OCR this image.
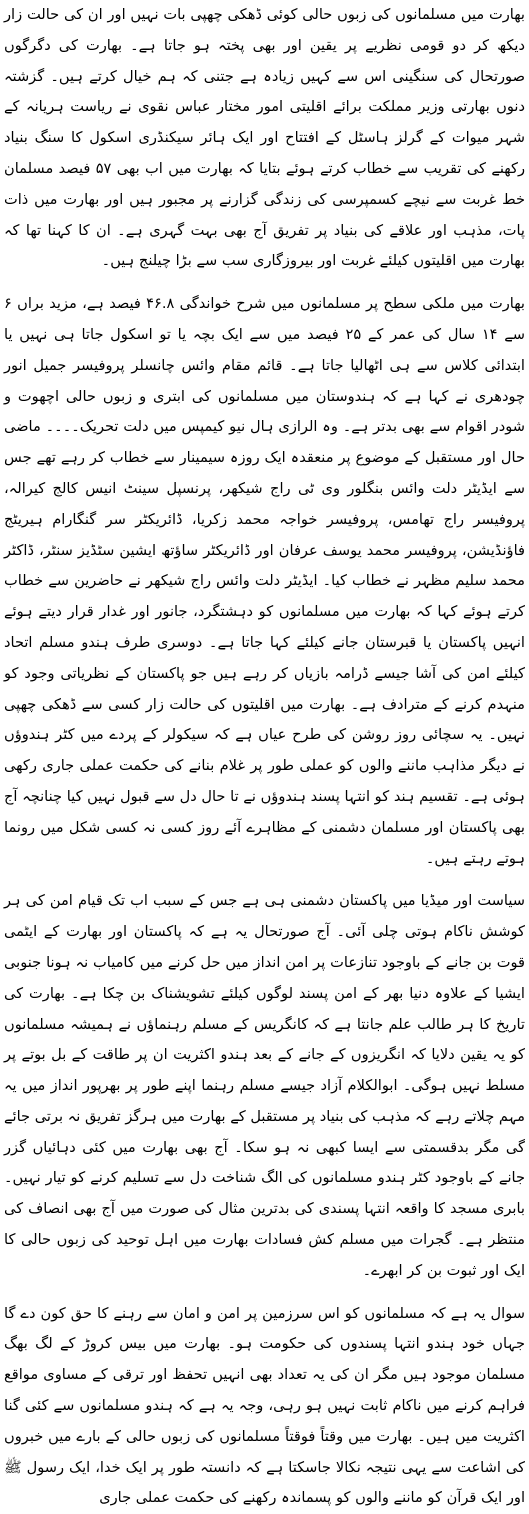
بھارت میں مسلمانوں کی زبوں حالی کوئی ڈھکی چھپی بات نہیں اور ان کی حالت زار دیکھ کر دو قومی نظریے پر یقین اور بھی پختہ ہو جاتا ہے۔ بھارت کی دگرگوں صورتحال کی سنگینی اس سے کہیں زیادہ ہے جتنی کہ ہم خیال کرتے ہیں۔ گزشتہ دنوں بھارتی وزیر مملکت برائے اقلیتی امور مختار عباس نقوی نے ریاست ہریانہ کے شہر میوات کے گرلز ہاسٹل کے افتتاح اور ایک ہائر سیکنڈری اسکول کا سنگ بنیاد رکھنے کی تقریب سے خطاب کرتے ہوئے بتایا کہ بھارت میں اب بھی ۵۷ فیصد مسلمان خط غربت سے نیچے کسمپرسی کی زندگی گزارنے پر مجبور ہیں اور بھارت میں ذات پات، مذہب اور علاقے کی بنیاد پر تفریق آج بھی بہت گہری ہے۔ ان کا کہنا تھا کہ بھارت میں اقلیتوں کیلئے غربت اور بیروزگاری سب سے بڑا چیلنج ہیں۔

بھارت میں ملکی سطح پر مسلمانوں میں شرح خواندگی ۴۶.۸ فیصد ہے، مزید براں ۶ سے ۱۴ سال کی عمر کے ۲۵ فیصد میں سے ایک بچہ یا تو اسکول جاتا ہی نہیں یا ابتدائی کلاس سے ہی اٹھالیا جاتا ہے۔ قائم مقام وائس چانسلر پروفیسر جمیل انور چودھری نے کہا ہے کہ ہندوستان میں مسلمانوں کی ابتری و زبوں حالی اچھوت و شودر اقوام سے بھی بدتر ہے۔ وہ الرازی ہال نیو کیمپس میں دلت تحریک۔۔۔۔ ماضی حال اور مستقبل کے موضوع پر منعقدہ ایک روزہ سیمینار سے خطاب کر رہے تھے جس سے ایڈیٹر دلت وائس بنگلور وی ٹی راج شیکھر، پرنسپل سینٹ انیس کالج کیرالہ، پروفیسر راج تھامس، پروفیسر خواجہ محمد زکریا، ڈائریکٹر سر گنگارام ہیریٹج فاؤنڈیشن، پروفیسر محمد یوسف عرفان اور ڈائریکٹر ساؤتھ ایشین سٹڈیز سنٹر، ڈاکٹر محمد سلیم مظہر نے خطاب کیا۔ ایڈیٹر دلت وائس راج شیکھر نے حاضرین سے خطاب کرتے ہوئے کہا کہ بھارت میں مسلمانوں کو دہشتگرد، جانور اور غدار قرار دیتے ہوئے انہیں پاکستان یا قبرستان جانے کیلئے کہا جاتا ہے۔ دوسری طرف ہندو مسلم اتحاد کیلئے امن کی آشا جیسے ڈرامہ بازیاں کر رہے ہیں جو پاکستان کے نظریاتی وجود کو منہدم کرنے کے مترادف ہے۔ بھارت میں اقلیتوں کی حالت زار کسی سے ڈھکی چھپی نہیں۔ یہ سچائی روز روشن کی طرح عیاں ہے کہ سیکولر کے پردے میں کٹر ہندوؤں نے دیگر مذاہب ماننے والوں کو عملی طور پر غلام بنانے کی حکمت عملی جاری رکھی ہوئی ہے۔ تقسیم ہند کو انتہا پسند ہندوؤں نے تا حال دل سے قبول نہیں کیا چنانچہ آج بھی پاکستان اور مسلمان دشمنی کے مظاہرے آئے روز کسی نہ کسی شکل میں رونما ہوتے رہتے ہیں۔

سیاست اور میڈیا میں پاکستان دشمنی ہی ہے جس کے سبب اب تک قیام امن کی ہر کوشش ناکام ہوتی چلی آئی۔ آج صورتحال یہ ہے کہ پاکستان اور بھارت کے ایٹمی قوت بن جانے کے باوجود تنازعات پر امن انداز میں حل کرنے میں کامیاب نہ ہونا جنوبی ایشیا کے علاوہ دنیا بھر کے امن پسند لوگوں کیلئے تشویشناک بن چکا ہے۔ بھارت کی تاریخ کا ہر طالب علم جانتا ہے کہ کانگریس کے مسلم رہنماؤں نے ہمیشہ مسلمانوں کو یہ یقین دلایا کہ انگریزوں کے جانے کے بعد ہندو اکثریت ان پر طاقت کے بل بوتے پر مسلط نہیں ہوگی۔ ابوالکلام آزاد جیسے مسلم رہنما اپنے طور پر بھرپور انداز میں یہ مہم چلاتے رہے کہ مذہب کی بنیاد پر مستقبل کے بھارت میں ہرگز تفریق نہ برتی جائے گی مگر بدقسمتی سے ایسا کبھی نہ ہو سکا۔ آج بھی بھارت میں کئی دہائیاں گزر جانے کے باوجود کٹر ہندو مسلمانوں کی الگ شناخت دل سے تسلیم کرنے کو تیار نہیں۔ بابری مسجد کا واقعہ انتہا پسندی کی بدترین مثال کی صورت میں آج بھی انصاف کی منتظر ہے۔ گجرات میں مسلم کش فسادات بھارت میں اہل توحید کی زبوں حالی کا ایک اور ثبوت بن کر ابھرے۔

سوال یہ ہے کہ مسلمانوں کو اس سرزمین پر امن و امان سے رہنے کا حق کون دے گا جہاں خود ہندو انتہا پسندوں کی حکومت ہو۔ بھارت میں بیس کروڑ کے لگ بھگ مسلمان موجود ہیں مگر ان کی یہ تعداد بھی انہیں تحفظ اور ترقی کے مساوی مواقع فراہم کرنے میں ناکام ثابت نہیں ہو رہی، وجہ یہ ہے کہ ہندو مسلمانوں سے کئی گنا اکثریت میں ہیں۔ بھارت میں وقتاً فوقتاً مسلمانوں کی زبوں حالی کے بارے میں خبروں کی اشاعت سے یہی نتیجہ نکالا جاسکتا ہے کہ دانستہ طور پر ایک خدا، ایک رسول ﷺ اور ایک قرآن کو ماننے والوں کو پسماندہ رکھنے کی حکمت عملی جاری
